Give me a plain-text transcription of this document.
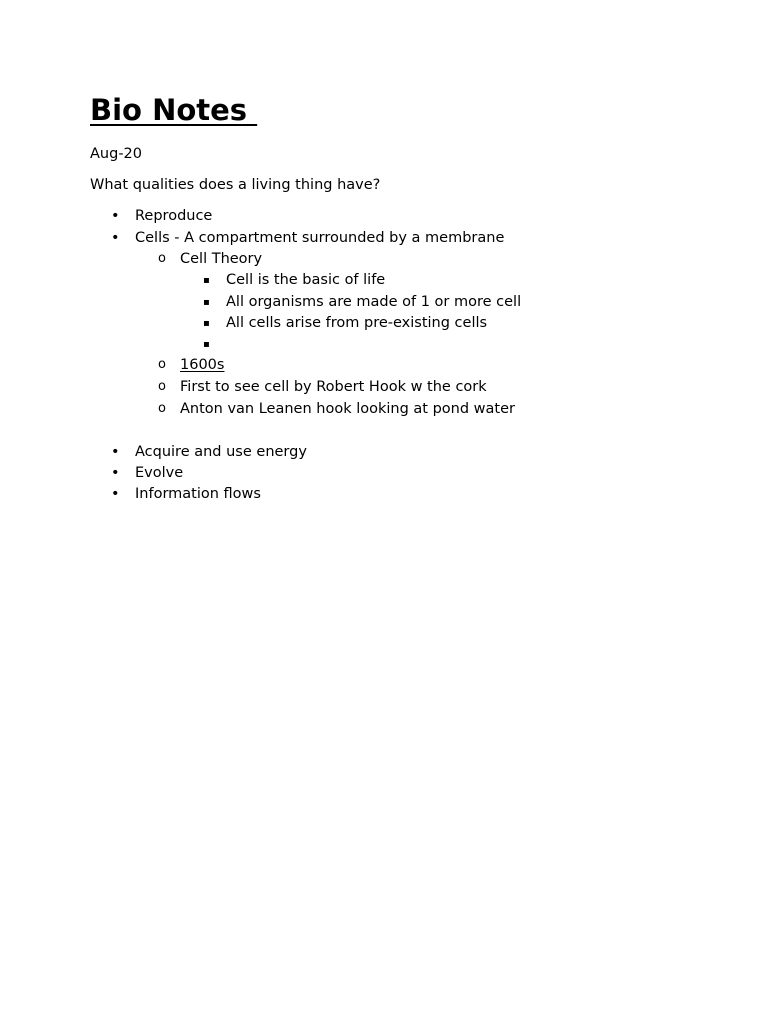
Bio Notes
Aug-20
What qualities does a living thing have?
• Reproduce
• Cells - A compartment surrounded by a membrane
o Cell Theory
▪ Cell is the basic of life
▪ All organisms are made of 1 or more cell
▪ All cells arise from pre-existing cells
▪
o 1600s
o First to see cell by Robert Hook w the cork
o Anton van Leanen hook looking at pond water
• Acquire and use energy
• Evolve
• Information flows
